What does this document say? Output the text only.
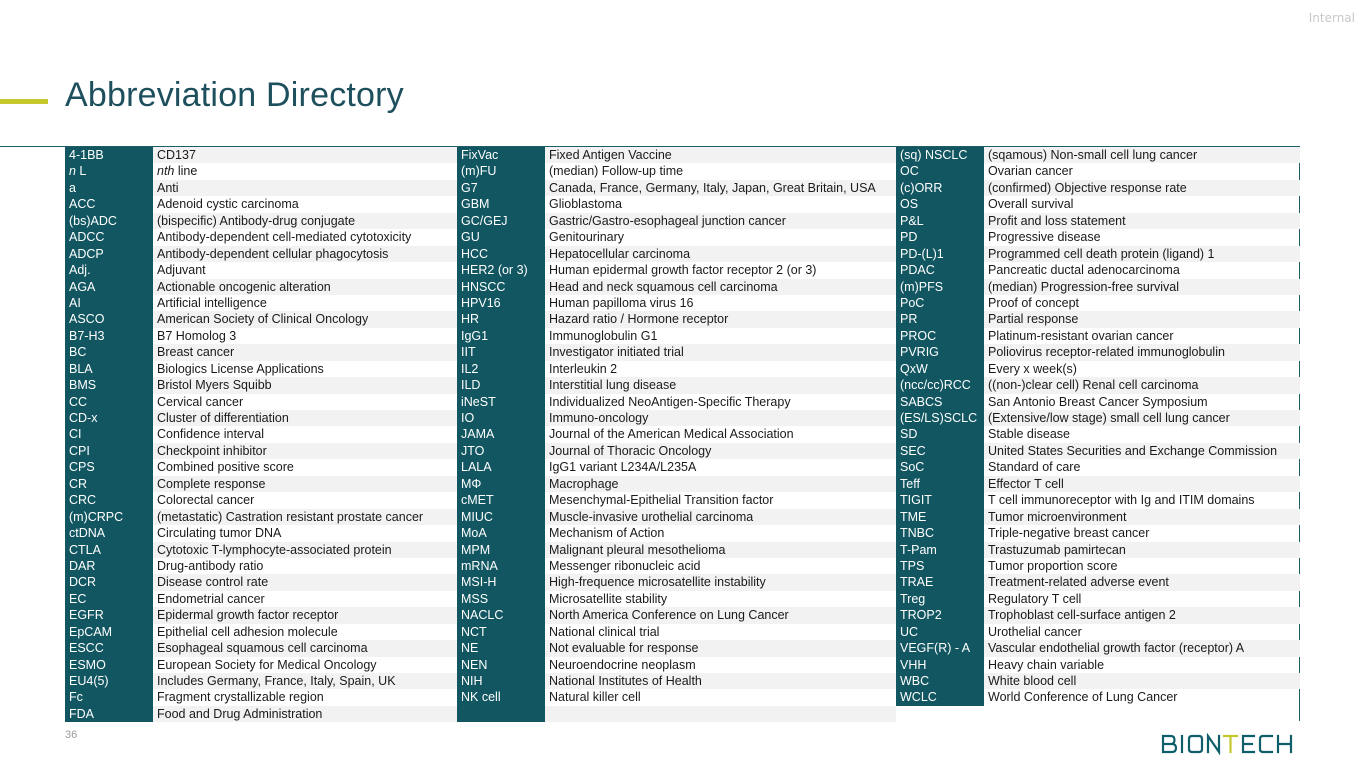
Internal
Abbreviation Directory
4-1BB	CD137
n L	nth line
a	Anti
ACC	Adenoid cystic carcinoma
(bs)ADC	(bispecific) Antibody-drug conjugate
ADCC	Antibody-dependent cell-mediated cytotoxicity
ADCP	Antibody-dependent cellular phagocytosis
Adj.	Adjuvant
AGA	Actionable oncogenic alteration
AI	Artificial intelligence
ASCO	American Society of Clinical Oncology
B7-H3	B7 Homolog 3
BC	Breast cancer
BLA	Biologics License Applications
BMS	Bristol Myers Squibb
CC	Cervical cancer
CD-x	Cluster of differentiation
CI	Confidence interval
CPI	Checkpoint inhibitor
CPS	Combined positive score
CR	Complete response
CRC	Colorectal cancer
(m)CRPC	(metastatic) Castration resistant prostate cancer
ctDNA	Circulating tumor DNA
CTLA	Cytotoxic T-lymphocyte-associated protein
DAR	Drug-antibody ratio
DCR	Disease control rate
EC	Endometrial cancer
EGFR	Epidermal growth factor receptor
EpCAM	Epithelial cell adhesion molecule
ESCC	Esophageal squamous cell carcinoma
ESMO	European Society for Medical Oncology
EU4(5)	Includes Germany, France, Italy, Spain, UK
Fc	Fragment crystallizable region
FDA	Food and Drug Administration
FixVac	Fixed Antigen Vaccine
(m)FU	(median) Follow-up time
G7	Canada, France, Germany, Italy, Japan, Great Britain, USA
GBM	Glioblastoma
GC/GEJ	Gastric/Gastro-esophageal junction cancer
GU	Genitourinary
HCC	Hepatocellular carcinoma
HER2 (or 3)	Human epidermal growth factor receptor 2 (or 3)
HNSCC	Head and neck squamous cell carcinoma
HPV16	Human papilloma virus 16
HR	Hazard ratio / Hormone receptor
IgG1	Immunoglobulin G1
IIT	Investigator initiated trial
IL2	Interleukin 2
ILD	Interstitial lung disease
iNeST	Individualized NeoAntigen-Specific Therapy
IO	Immuno-oncology
JAMA	Journal of the American Medical Association
JTO	Journal of Thoracic Oncology
LALA	IgG1 variant L234A/L235A
MΦ	Macrophage
cMET	Mesenchymal-Epithelial Transition factor
MIUC	Muscle-invasive urothelial carcinoma
MoA	Mechanism of Action
MPM	Malignant pleural mesothelioma
mRNA	Messenger ribonucleic acid
MSI-H	High-frequence microsatellite instability
MSS	Microsatellite stability
NACLC	North America Conference on Lung Cancer
NCT	National clinical trial
NE	Not evaluable for response
NEN	Neuroendocrine neoplasm
NIH	National Institutes of Health
NK cell	Natural killer cell
(sq) NSCLC	(sqamous) Non-small cell lung cancer
OC	Ovarian cancer
(c)ORR	(confirmed) Objective response rate
OS	Overall survival
P&L	Profit and loss statement
PD	Progressive disease
PD-(L)1	Programmed cell death protein (ligand) 1
PDAC	Pancreatic ductal adenocarcinoma
(m)PFS	(median) Progression-free survival
PoC	Proof of concept
PR	Partial response
PROC	Platinum-resistant ovarian cancer
PVRIG	Poliovirus receptor-related immunoglobulin
QxW	Every x week(s)
(ncc/cc)RCC	((non-)clear cell) Renal cell carcinoma
SABCS	San Antonio Breast Cancer Symposium
(ES/LS)SCLC (Extensive/low stage) small cell lung cancer
SD	Stable disease
SEC	United States Securities and Exchange Commission
SoC	Standard of care
Teff	Effector T cell
TIGIT	T cell immunoreceptor with Ig and ITIM domains
TME	Tumor microenvironment
TNBC	Triple-negative breast cancer
T-Pam	Trastuzumab pamirtecan
TPS	Tumor proportion score
TRAE	Treatment-related adverse event
Treg	Regulatory T cell
TROP2	Trophoblast cell-surface antigen 2
UC	Urothelial cancer
VEGF(R) - A	Vascular endothelial growth factor (receptor) A
VHH	Heavy chain variable
WBC	White blood cell
WCLC	World Conference of Lung Cancer
36
